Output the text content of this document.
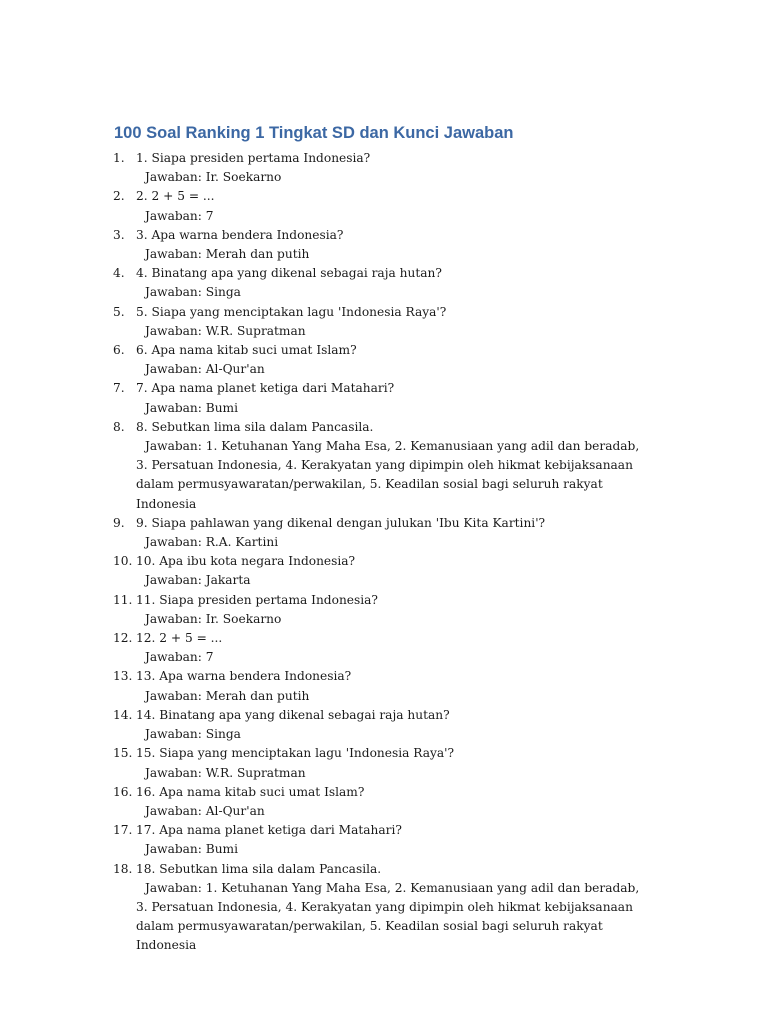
100 Soal Ranking 1 Tingkat SD dan Kunci Jawaban
1. 1. Siapa presiden pertama Indonesia?
Jawaban: Ir. Soekarno
2. 2. 2 + 5 = ...
Jawaban: 7
3. 3. Apa warna bendera Indonesia?
Jawaban: Merah dan putih
4. 4. Binatang apa yang dikenal sebagai raja hutan?
Jawaban: Singa
5. 5. Siapa yang menciptakan lagu 'Indonesia Raya'?
Jawaban: W.R. Supratman
6. 6. Apa nama kitab suci umat Islam?
Jawaban: Al-Qur'an
7. 7. Apa nama planet ketiga dari Matahari?
Jawaban: Bumi
8. 8. Sebutkan lima sila dalam Pancasila.
Jawaban: 1. Ketuhanan Yang Maha Esa, 2. Kemanusiaan yang adil dan beradab, 3. Persatuan Indonesia, 4. Kerakyatan yang dipimpin oleh hikmat kebijaksanaan dalam permusyawaratan/perwakilan, 5. Keadilan sosial bagi seluruh rakyat Indonesia
9. 9. Siapa pahlawan yang dikenal dengan julukan 'Ibu Kita Kartini'?
Jawaban: R.A. Kartini
10. 10. Apa ibu kota negara Indonesia?
Jawaban: Jakarta
11. 11. Siapa presiden pertama Indonesia?
Jawaban: Ir. Soekarno
12. 12. 2 + 5 = ...
Jawaban: 7
13. 13. Apa warna bendera Indonesia?
Jawaban: Merah dan putih
14. 14. Binatang apa yang dikenal sebagai raja hutan?
Jawaban: Singa
15. 15. Siapa yang menciptakan lagu 'Indonesia Raya'?
Jawaban: W.R. Supratman
16. 16. Apa nama kitab suci umat Islam?
Jawaban: Al-Qur'an
17. 17. Apa nama planet ketiga dari Matahari?
Jawaban: Bumi
18. 18. Sebutkan lima sila dalam Pancasila.
Jawaban: 1. Ketuhanan Yang Maha Esa, 2. Kemanusiaan yang adil dan beradab, 3. Persatuan Indonesia, 4. Kerakyatan yang dipimpin oleh hikmat kebijaksanaan dalam permusyawaratan/perwakilan, 5. Keadilan sosial bagi seluruh rakyat Indonesia
